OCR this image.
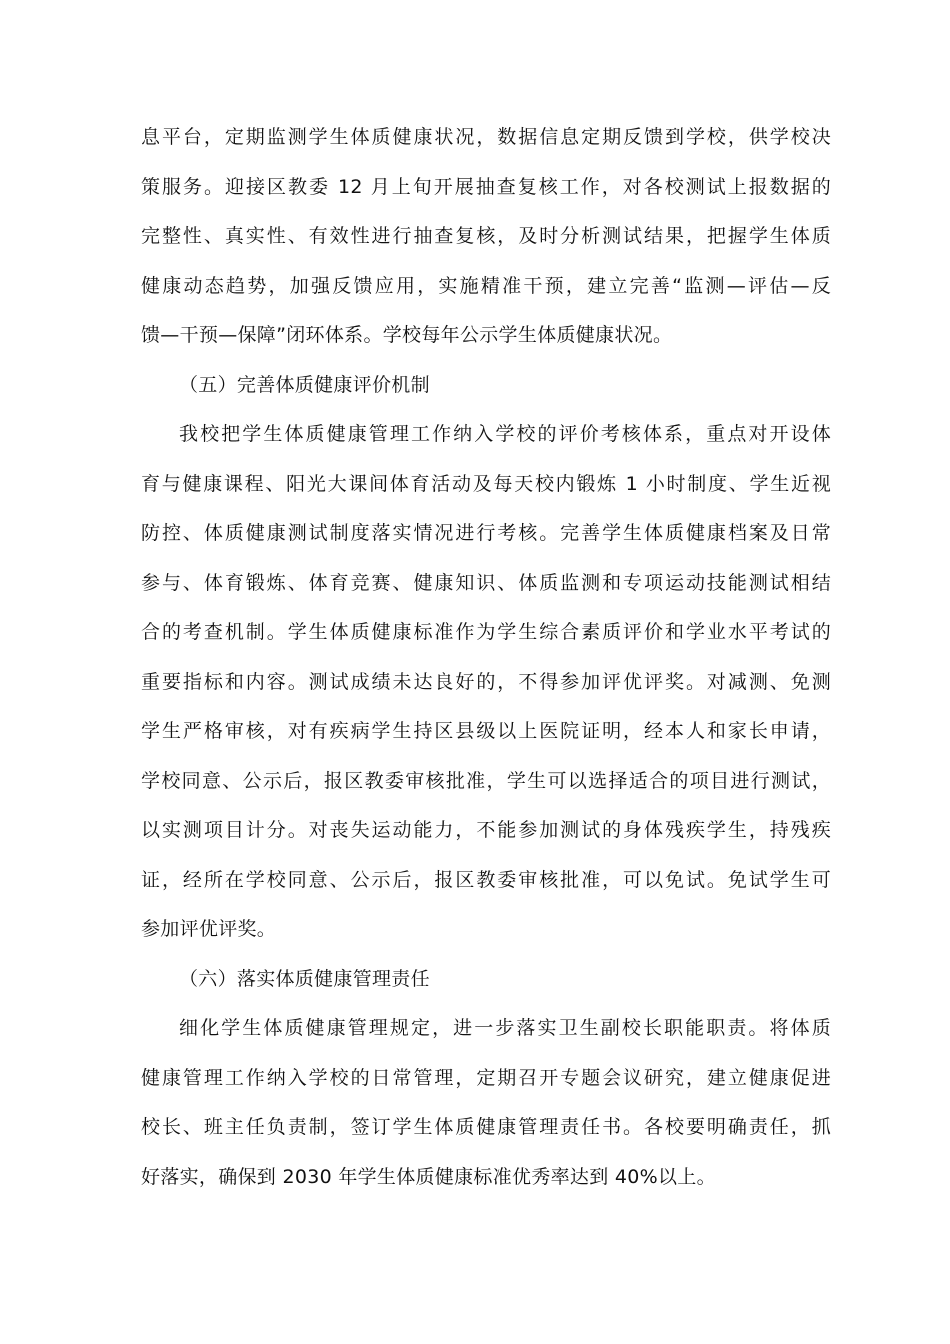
息平台，定期监测学生体质健康状况，数据信息定期反馈到学校，供学校决
策服务。迎接区教委 12 月上旬开展抽查复核工作，对各校测试上报数据的
完整性、真实性、有效性进行抽查复核，及时分析测试结果，把握学生体质
健康动态趋势，加强反馈应用，实施精准干预，建立完善“监测—评估—反
馈—干预—保障”闭环体系。学校每年公示学生体质健康状况。
（五）完善体质健康评价机制
我校把学生体质健康管理工作纳入学校的评价考核体系，重点对开设体
育与健康课程、阳光大课间体育活动及每天校内锻炼 1 小时制度、学生近视
防控、体质健康测试制度落实情况进行考核。完善学生体质健康档案及日常
参与、体育锻炼、体育竞赛、健康知识、体质监测和专项运动技能测试相结
合的考查机制。学生体质健康标准作为学生综合素质评价和学业水平考试的
重要指标和内容。测试成绩未达良好的，不得参加评优评奖。对减测、免测
学生严格审核，对有疾病学生持区县级以上医院证明，经本人和家长申请，
学校同意、公示后，报区教委审核批准，学生可以选择适合的项目进行测试，
以实测项目计分。对丧失运动能力，不能参加测试的身体残疾学生，持残疾
证，经所在学校同意、公示后，报区教委审核批准，可以免试。免试学生可
参加评优评奖。
（六）落实体质健康管理责任
细化学生体质健康管理规定，进一步落实卫生副校长职能职责。将体质
健康管理工作纳入学校的日常管理，定期召开专题会议研究，建立健康促进
校长、班主任负责制，签订学生体质健康管理责任书。各校要明确责任，抓
好落实，确保到 2030 年学生体质健康标准优秀率达到 40%以上。
